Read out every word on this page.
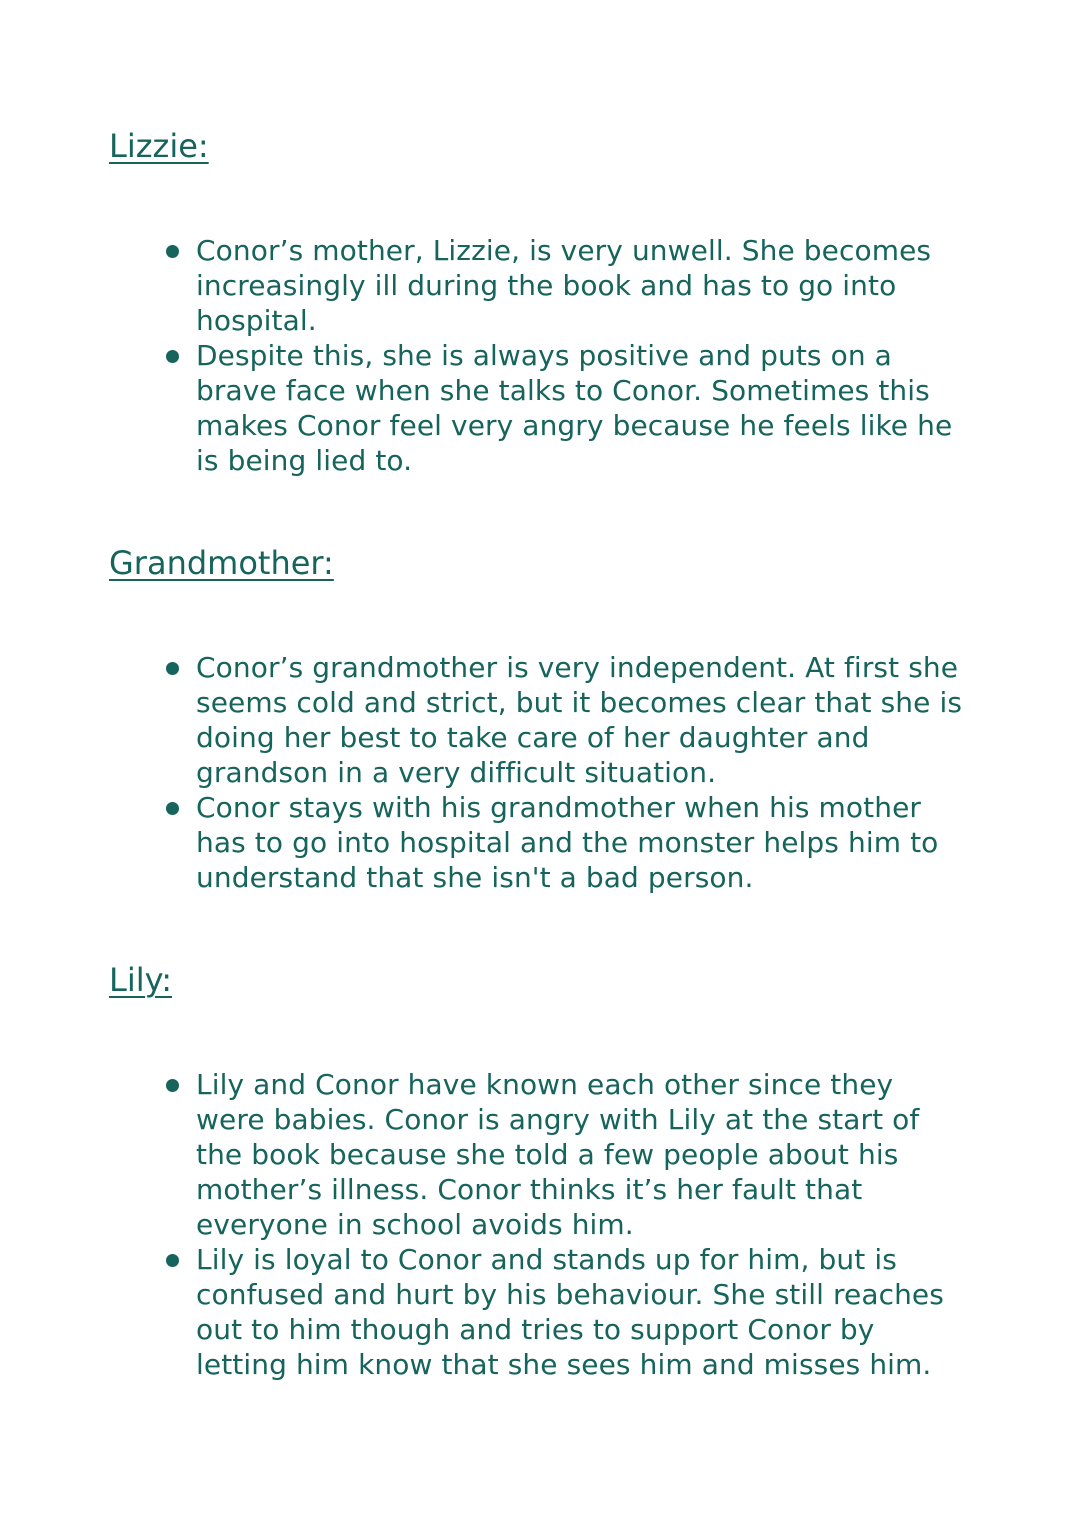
Lizzie:
Conor’s mother, Lizzie, is very unwell. She becomes increasingly ill during the book and has to go into hospital.
Despite this, she is always positive and puts on a brave face when she talks to Conor. Sometimes this makes Conor feel very angry because he feels like he is being lied to.
Grandmother:
Conor’s grandmother is very independent. At first she seems cold and strict, but it becomes clear that she is doing her best to take care of her daughter and grandson in a very difficult situation.
Conor stays with his grandmother when his mother has to go into hospital and the monster helps him to understand that she isn't a bad person.
Lily:
Lily and Conor have known each other since they were babies. Conor is angry with Lily at the start of the book because she told a few people about his mother’s illness. Conor thinks it’s her fault that everyone in school avoids him.
Lily is loyal to Conor and stands up for him, but is confused and hurt by his behaviour. She still reaches out to him though and tries to support Conor by letting him know that she sees him and misses him.
